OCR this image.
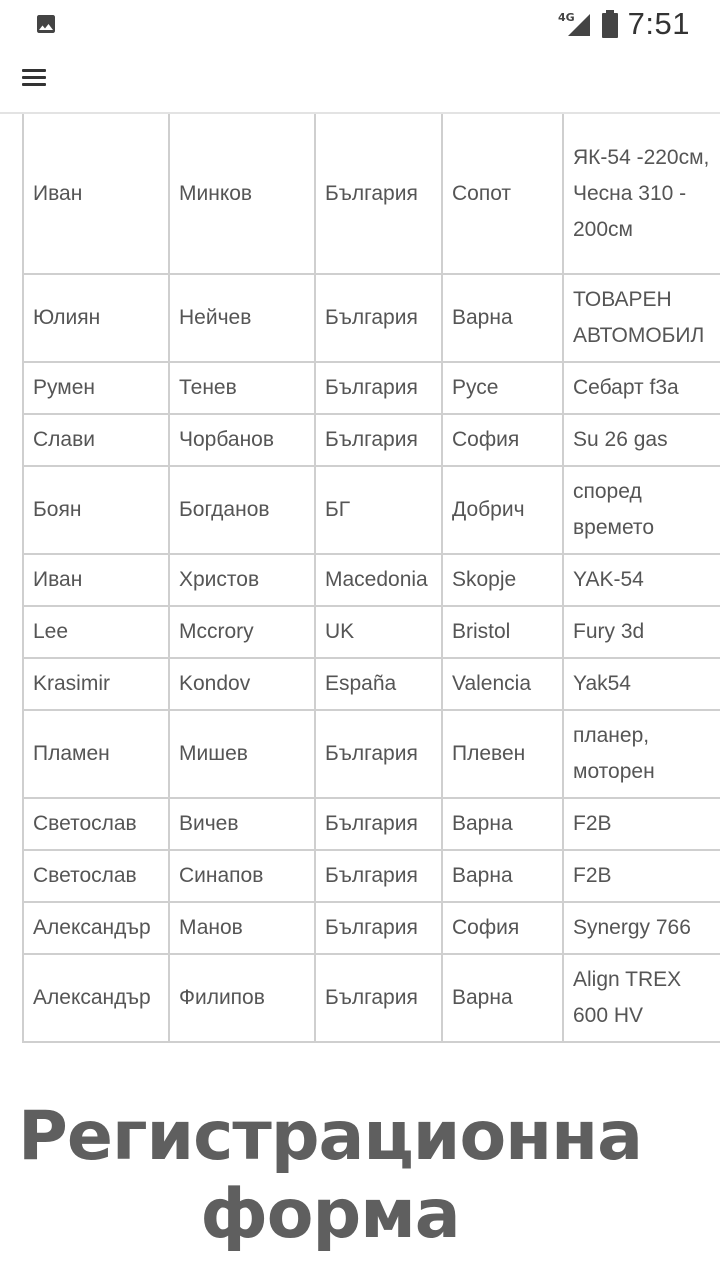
4G 7:51
Иван	Минков	България	Сопот	ЯК-54 -220см, Чесна 310 - 200см
Юлиян	Нейчев	България	Варна	ТОВАРЕН АВТОМОБИЛ
Румен	Тенев	България	Русе	Себарт f3a
Слави	Чорбанов	България	София	Su 26 gas
Боян	Богданов	БГ	Добрич	според времето
Иван	Христов	Macedonia	Skopje	YAK-54
Lee	Mccrory	UK	Bristol	Fury 3d
Krasimir	Kondov	España	Valencia	Yak54
Пламен	Мишев	България	Плевен	планер, моторен
Светослав	Вичев	България	Варна	F2B
Светослав	Синапов	България	Варна	F2B
Александър	Манов	България	София	Synergy 766
Александър	Филипов	България	Варна	Align TREX 600 HV
Регистрационна форма
